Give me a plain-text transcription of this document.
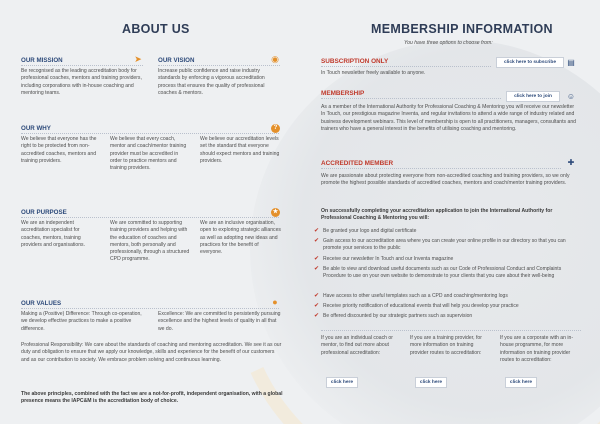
ABOUT US
OUR MISSION	➤
Be recognised as the leading accreditation body for professional coaches, mentors and training providers, including corporations with in-house coaching and mentoring teams.
OUR VISION	◉
Increase public confidence and raise industry standards by enforcing a vigorous accreditation process that ensures the quality of professional coaches & mentors.
OUR WHY	?
We believe that everyone has the right to be protected from non-accredited coaches, mentors and training providers.
We believe that every coach, mentor and coach/mentor training provider must be accredited in order to practice mentors and training providers.
We believe our accreditation levels set the standard that everyone should expect mentors and training providers.
OUR PURPOSE	★
We are an independent accreditation specialist for coaches, mentors, training providers and organisations.
We are committed to supporting training providers and helping with the education of coaches and mentors, both personally and professionally, through a structured CPD programme.
We are an inclusive organisation, open to exploring strategic alliances as well as adopting new ideas and practices for the benefit of everyone.
OUR VALUES	●
Making a (Positive) Difference: Through co-operation, we develop effective practices to make a positive difference.
Excellence: We are committed to persistently pursuing excellence and the highest levels of quality in all that we do.
Professional Responsibility: We care about the standards of coaching and mentoring accreditation. We see it as our duty and obligation to ensure that we apply our knowledge, skills and experience for the benefit of our customers and as our contribution to society. We embrace problem solving and continuous learning.
The above principles, combined with the fact we are a not-for-profit, independent organisation, with a global presence means the IAPC&M is the accreditation body of choice.
MEMBERSHIP INFORMATION
You have three options to choose from:
SUBSCRIPTION ONLY	click here to subscribe	▤
In Touch newsletter freely available to anyone.
MEMBERSHIP	click here to join	☺
As a member of the International Authority for Professional Coaching & Mentoring you will receive our newsletter In Touch, our prestigious magazine Inventa, and regular invitations to attend a wide range of industry related and business development webinars. This level of membership is open to all practitioners, managers, consultants and trainers who have a general interest in the benefits of utilising coaching and mentoring.
ACCREDITED MEMBER	✚
We are passionate about protecting everyone from non-accredited coaching and training providers, so we only promote the highest possible standards of accredited coaches, mentors and coach/mentor training providers.
On successfully completing your accreditation application to join the International Authority for Professional Coaching & Mentoring you will:
✔ Be granted your logo and digital certificate
✔ Gain access to our accreditation area where you can create your online profile in our directory so that you can promote your services to the public
✔ Receive our newsletter In Touch and our Inventa magazine
✔ Be able to view and download useful documents such as our Code of Professional Conduct and Complaints Procedure to use on your own website to demonstrate to your clients that you care about their well-being
✔ Have access to other useful templates such as a CPD and coaching/mentoring logs
✔ Receive priority notification of educational events that will help you develop your practice
✔ Be offered discounted by our strategic partners such as supervision
If you are an individual coach or mentor, to find out more about professional accreditation:
If you are a training provider, for more information on training provider routes to accreditation:
If you are a corporate with an in-house programme, for more information on training provider routes to accreditation:
click here	click here	click here
